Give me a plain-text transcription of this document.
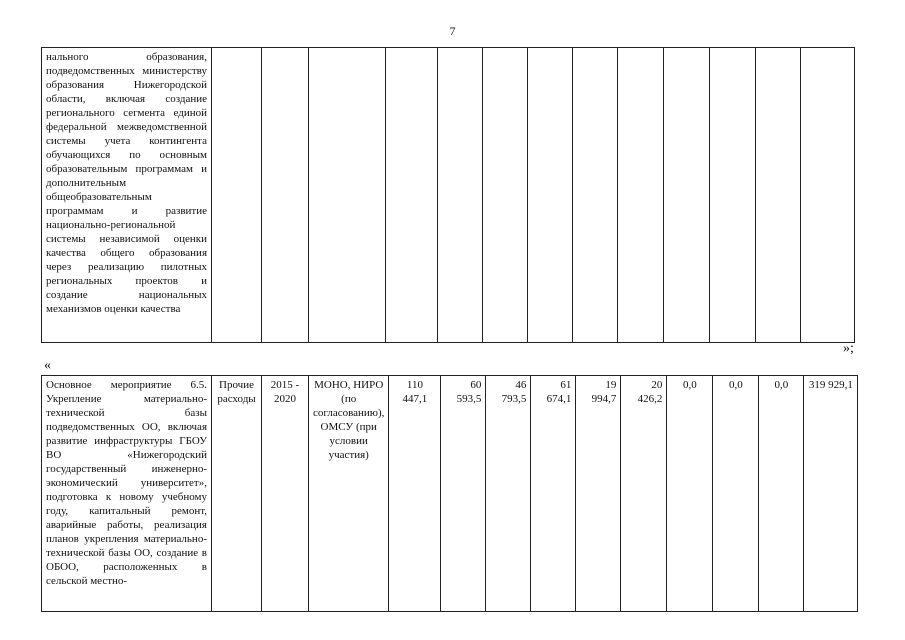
7
нального образования, подведомственных министерству образования Нижегородской области, включая создание регионального сегмента единой федеральной межведомственной системы учета контингента обучающихся по основным образовательным программам и дополнительным общеобразовательным программам и развитие национально-региональной системы независимой оценки качества общего образования через реализацию пилотных региональных проектов и создание национальных механизмов оценки качества													
»;
«
Основное мероприятие 6.5. Укрепление материально-технической базы подведомственных ОО, включая развитие инфраструктуры ГБОУ ВО «Нижегородский государственный инженерно-экономический университет», подготовка к новому учебному году, капитальный ремонт, аварийные работы, реализация планов укрепления материально-технической базы ОО, создание в ОБОО, расположенных в сельской местно-	Прочие расходы	2015 - 2020	МОНО, НИРО (по согласованию), ОМСУ (при условии участия)	110 447,1	60 593,5	46 793,5	61 674,1	19 994,7	20 426,2	0,0	0,0	0,0	319 929,1
